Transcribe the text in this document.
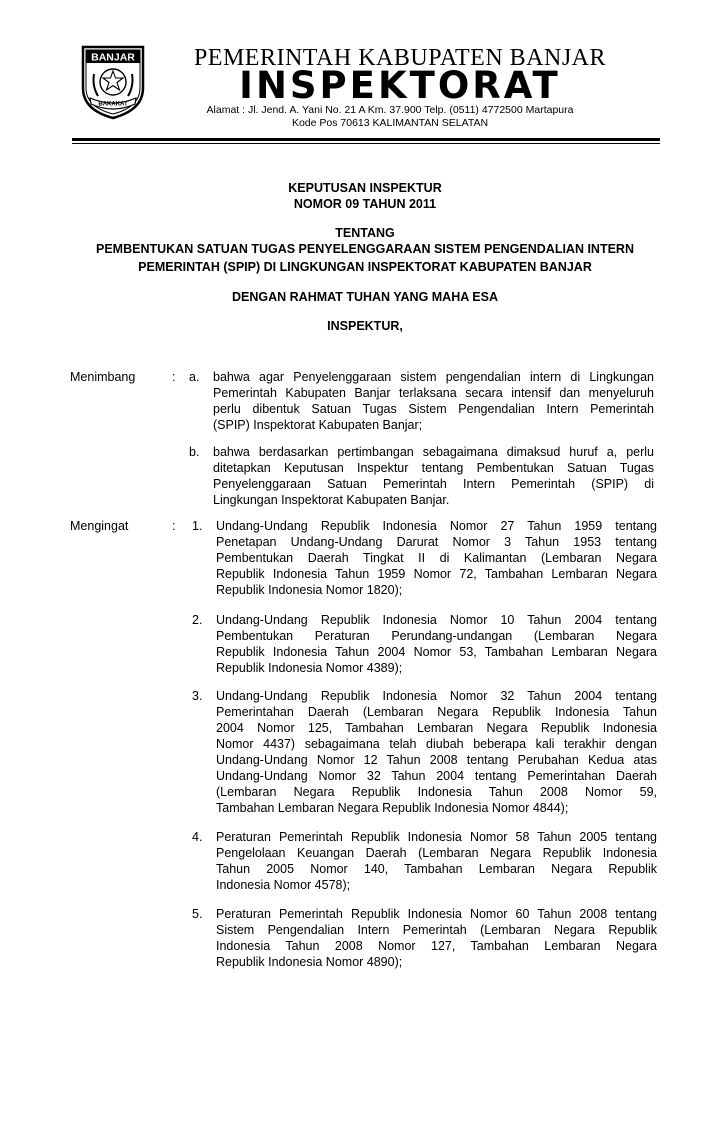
BANJAR
BAKAKAT
PEMERINTAH KABUPATEN BANJAR
INSPEKTORAT
Alamat : Jl. Jend. A. Yani No. 21 A Km. 37.900 Telp. (0511) 4772500 Martapura
Kode Pos 70613 KALIMANTAN SELATAN
KEPUTUSAN INSPEKTUR
NOMOR 09 TAHUN 2011
TENTANG
PEMBENTUKAN SATUAN TUGAS PENYELENGGARAAN SISTEM PENGENDALIAN INTERN
PEMERINTAH (SPIP) DI LINGKUNGAN INSPEKTORAT KABUPATEN BANJAR
DENGAN RAHMAT TUHAN YANG MAHA ESA
INSPEKTUR,
Menimbang	: a. bahwa agar Penyelenggaraan sistem pengendalian intern di Lingkungan
Pemerintah Kabupaten Banjar terlaksana secara intensif dan menyeluruh
perlu dibentuk Satuan Tugas Sistem Pengendalian Intern Pemerintah
(SPIP) Inspektorat Kabupaten Banjar;
b. bahwa berdasarkan pertimbangan sebagaimana dimaksud huruf a, perlu
ditetapkan Keputusan Inspektur tentang Pembentukan Satuan Tugas
Penyelenggaraan Satuan Pemerintah Intern Pemerintah (SPIP) di
Lingkungan Inspektorat Kabupaten Banjar.
Mengingat	: 1. Undang-Undang Republik Indonesia Nomor 27 Tahun 1959 tentang
Penetapan Undang-Undang Darurat Nomor 3 Tahun 1953 tentang
Pembentukan Daerah Tingkat II di Kalimantan (Lembaran Negara
Republik Indonesia Tahun 1959 Nomor 72, Tambahan Lembaran Negara
Republik Indonesia Nomor 1820);
2. Undang-Undang Republik Indonesia Nomor 10 Tahun 2004 tentang
Pembentukan Peraturan Perundang-undangan (Lembaran Negara
Republik Indonesia Tahun 2004 Nomor 53, Tambahan Lembaran Negara
Republik Indonesia Nomor 4389);
3. Undang-Undang Republik Indonesia Nomor 32 Tahun 2004 tentang
Pemerintahan Daerah (Lembaran Negara Republik Indonesia Tahun
2004 Nomor 125, Tambahan Lembaran Negara Republik Indonesia
Nomor 4437) sebagaimana telah diubah beberapa kali terakhir dengan
Undang-Undang Nomor 12 Tahun 2008 tentang Perubahan Kedua atas
Undang-Undang Nomor 32 Tahun 2004 tentang Pemerintahan Daerah
(Lembaran Negara Republik Indonesia Tahun 2008 Nomor 59,
Tambahan Lembaran Negara Republik Indonesia Nomor 4844);
4. Peraturan Pemerintah Republik Indonesia Nomor 58 Tahun 2005 tentang
Pengelolaan Keuangan Daerah (Lembaran Negara Republik Indonesia
Tahun 2005 Nomor 140, Tambahan Lembaran Negara Republik
Indonesia Nomor 4578);
5. Peraturan Pemerintah Republik Indonesia Nomor 60 Tahun 2008 tentang
Sistem Pengendalian Intern Pemerintah (Lembaran Negara Republik
Indonesia Tahun 2008 Nomor 127, Tambahan Lembaran Negara
Republik Indonesia Nomor 4890);
